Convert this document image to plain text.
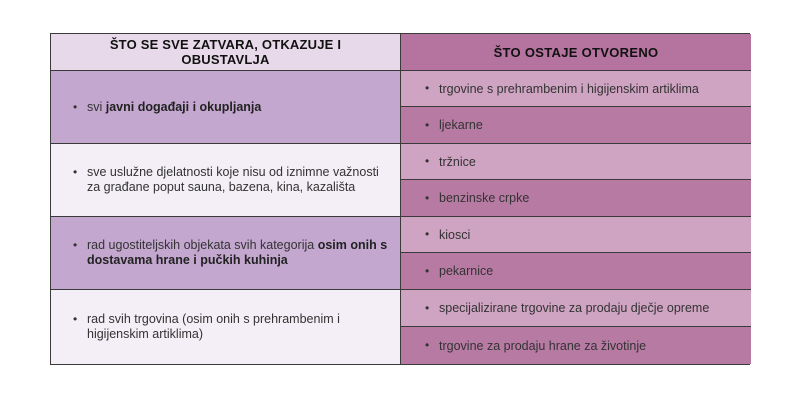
ŠTO SE SVE ZATVARA, OTKAZUJE I OBUSTAVLJA	ŠTO OSTAJE OTVORENO
• svi javni događaji i okupljanja
• trgovine s prehrambenim i higijenskim artiklima
• ljekarne
• sve uslužne djelatnosti koje nisu od iznimne važnosti za građane poput sauna, bazena, kina, kazališta
• tržnice
• benzinske crpke
• rad ugostiteljskih objekata svih kategorija osim onih s dostavama hrane i pučkih kuhinja
• kiosci
• pekarnice
• rad svih trgovina (osim onih s prehrambenim i higijenskim artiklima)
• specijalizirane trgovine za prodaju dječje opreme
• trgovine za prodaju hrane za životinje
